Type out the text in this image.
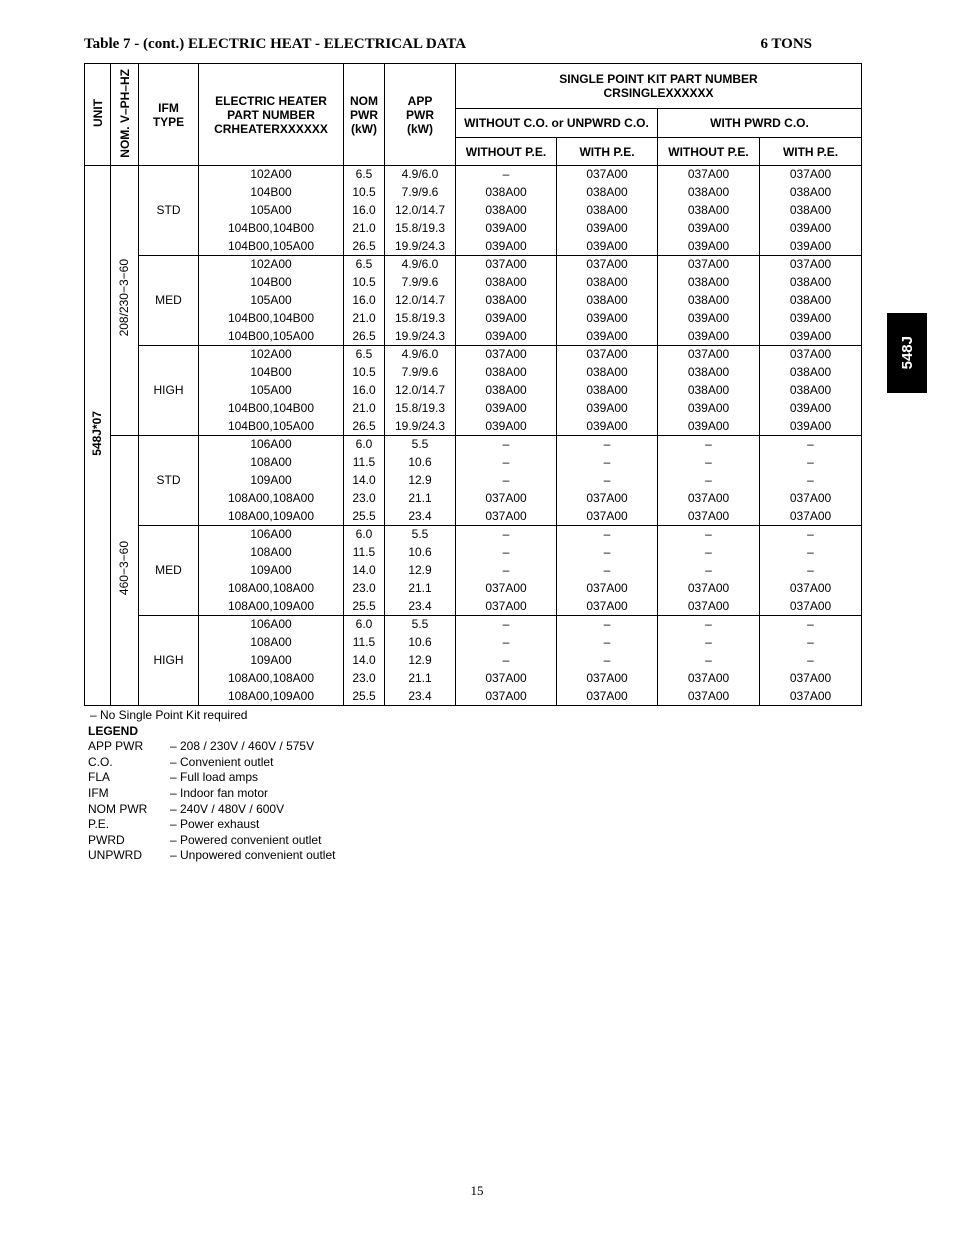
Table 7 - (cont.) ELECTRIC HEAT - ELECTRICAL DATA	6 TONS
UNIT	NOM. V–PH–HZ	IFM TYPE	ELECTRIC HEATER PART NUMBER CRHEATERXXXXXX	NOM PWR (kW)	APP PWR (kW)	SINGLE POINT KIT PART NUMBER CRSINGLEXXXXXX			
						WITHOUT C.O. or UNPWRD C.O.		WITH PWRD C.O.	
						WITHOUT P.E.	WITH P.E.	WITHOUT P.E.	WITH P.E.
548J*07	208/230−3−60	STD	102A00	6.5	4.9/6.0	–	037A00	037A00	037A00
			104B00	10.5	7.9/9.6	038A00	038A00	038A00	038A00
			105A00	16.0	12.0/14.7	038A00	038A00	038A00	038A00
			104B00,104B00	21.0	15.8/19.3	039A00	039A00	039A00	039A00
			104B00,105A00	26.5	19.9/24.3	039A00	039A00	039A00	039A00
		MED	102A00	6.5	4.9/6.0	037A00	037A00	037A00	037A00
			104B00	10.5	7.9/9.6	038A00	038A00	038A00	038A00
			105A00	16.0	12.0/14.7	038A00	038A00	038A00	038A00
			104B00,104B00	21.0	15.8/19.3	039A00	039A00	039A00	039A00
			104B00,105A00	26.5	19.9/24.3	039A00	039A00	039A00	039A00
		HIGH	102A00	6.5	4.9/6.0	037A00	037A00	037A00	037A00
			104B00	10.5	7.9/9.6	038A00	038A00	038A00	038A00
			105A00	16.0	12.0/14.7	038A00	038A00	038A00	038A00
			104B00,104B00	21.0	15.8/19.3	039A00	039A00	039A00	039A00
			104B00,105A00	26.5	19.9/24.3	039A00	039A00	039A00	039A00
	460−3−60	STD	106A00	6.0	5.5	–	–	–	–
			108A00	11.5	10.6	–	–	–	–
			109A00	14.0	12.9	–	–	–	–
			108A00,108A00	23.0	21.1	037A00	037A00	037A00	037A00
			108A00,109A00	25.5	23.4	037A00	037A00	037A00	037A00
		MED	106A00	6.0	5.5	–	–	–	–
			108A00	11.5	10.6	–	–	–	–
			109A00	14.0	12.9	–	–	–	–
			108A00,108A00	23.0	21.1	037A00	037A00	037A00	037A00
			108A00,109A00	25.5	23.4	037A00	037A00	037A00	037A00
		HIGH	106A00	6.0	5.5	–	–	–	–
			108A00	11.5	10.6	–	–	–	–
			109A00	14.0	12.9	–	–	–	–
			108A00,108A00	23.0	21.1	037A00	037A00	037A00	037A00
			108A00,109A00	25.5	23.4	037A00	037A00	037A00	037A00
– No Single Point Kit required
LEGEND
APP PWR – 208 / 230V / 460V / 575V
C.O.	– Convenient outlet
FLA	– Full load amps
IFM	– Indoor fan motor
NOM PWR – 240V / 480V / 600V
P.E.	– Power exhaust
PWRD	– Powered convenient outlet
UNPWRD – Unpowered convenient outlet
548J
15
